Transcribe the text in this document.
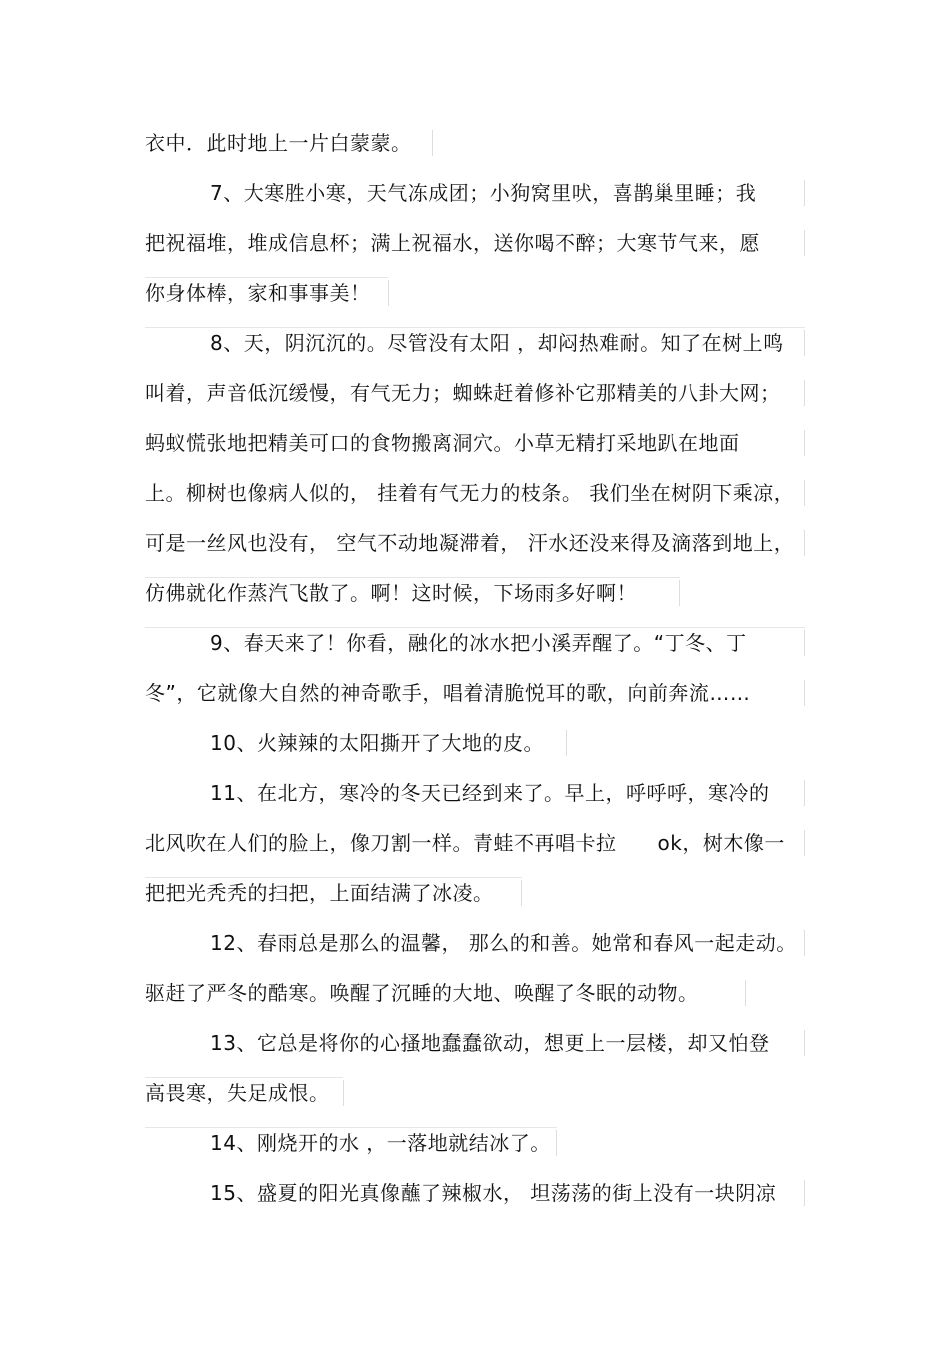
衣中．此时地上一片白蒙蒙。
7、大寒胜小寒，天气冻成团；小狗窝里吠，喜鹊巢里睡；我
把祝福堆，堆成信息杯；满上祝福水，送你喝不醉；大寒节气来，愿
你身体棒，家和事事美！
8、天，阴沉沉的。尽管没有太阳 ，却闷热难耐。知了在树上鸣
叫着，声音低沉缓慢，有气无力；蜘蛛赶着修补它那精美的八卦大网；
蚂蚁慌张地把精美可口的食物搬离洞穴。小草无精打采地趴在地面
上。柳树也像病人似的， 挂着有气无力的枝条。 我们坐在树阴下乘凉，
可是一丝风也没有， 空气不动地凝滞着， 汗水还没来得及滴落到地上，
仿佛就化作蒸汽飞散了。啊！这时候，下场雨多好啊！
9、春天来了！你看，融化的冰水把小溪弄醒了。“丁冬、丁
冬”，它就像大自然的神奇歌手，唱着清脆悦耳的歌，向前奔流……
10、火辣辣的太阳撕开了大地的皮。
11、在北方，寒冷的冬天已经到来了。早上，呼呼呼，寒冷的
北风吹在人们的脸上，像刀割一样。青蛙不再唱卡拉　　ok，树木像一
把把光秃秃的扫把，上面结满了冰凌。
12、春雨总是那么的温馨， 那么的和善。她常和春风一起走动。
驱赶了严冬的酷寒。唤醒了沉睡的大地、唤醒了冬眠的动物。
13、它总是将你的心搔地蠢蠢欲动，想更上一层楼，却又怕登
高畏寒，失足成恨。
14、刚烧开的水 ，一落地就结冰了。
15、盛夏的阳光真像蘸了辣椒水， 坦荡荡的街上没有一块阴凉
